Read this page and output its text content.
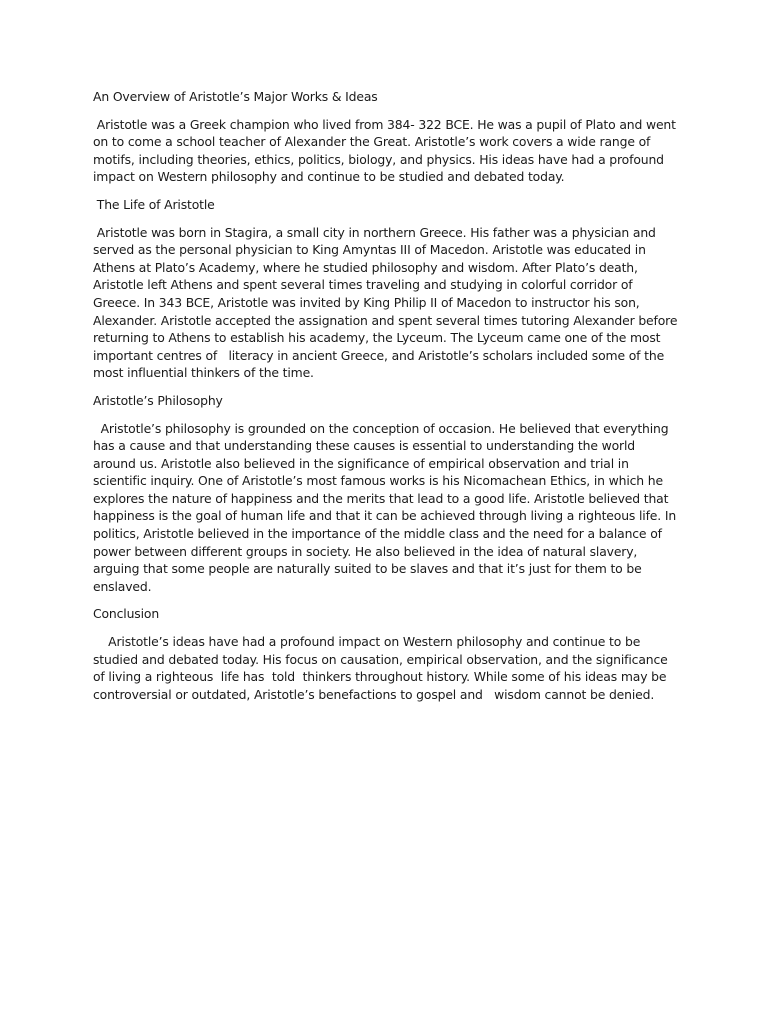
An Overview of Aristotle’s Major Works & Ideas

Aristotle was a Greek champion who lived from 384- 322 BCE. He was a pupil of Plato and went on to come a school teacher of Alexander the Great. Aristotle’s work covers a wide range of motifs, including theories, ethics, politics, biology, and physics. His ideas have had a profound impact on Western philosophy and continue to be studied and debated today.

The Life of Aristotle

Aristotle was born in Stagira, a small city in northern Greece. His father was a physician and served as the personal physician to King Amyntas III of Macedon. Aristotle was educated in Athens at Plato’s Academy, where he studied philosophy and wisdom. After Plato’s death, Aristotle left Athens and spent several times traveling and studying in colorful corridor of Greece. In 343 BCE, Aristotle was invited by King Philip II of Macedon to instructor his son, Alexander. Aristotle accepted the assignation and spent several times tutoring Alexander before returning to Athens to establish his academy, the Lyceum. The Lyceum came one of the most important centres of   literacy in ancient Greece, and Aristotle’s scholars included some of the most influential thinkers of the time.

Aristotle’s Philosophy

Aristotle’s philosophy is grounded on the conception of occasion. He believed that everything has a cause and that understanding these causes is essential to understanding the world around us. Aristotle also believed in the significance of empirical observation and trial in scientific inquiry. One of Aristotle’s most famous works is his Nicomachean Ethics, in which he explores the nature of happiness and the merits that lead to a good life. Aristotle believed that happiness is the goal of human life and that it can be achieved through living a righteous life. In politics, Aristotle believed in the importance of the middle class and the need for a balance of power between different groups in society. He also believed in the idea of natural slavery, arguing that some people are naturally suited to be slaves and that it’s just for them to be enslaved.

Conclusion

Aristotle’s ideas have had a profound impact on Western philosophy and continue to be studied and debated today. His focus on causation, empirical observation, and the significance of living a righteous  life has  told  thinkers throughout history. While some of his ideas may be controversial or outdated, Aristotle’s benefactions to gospel and   wisdom cannot be denied.
